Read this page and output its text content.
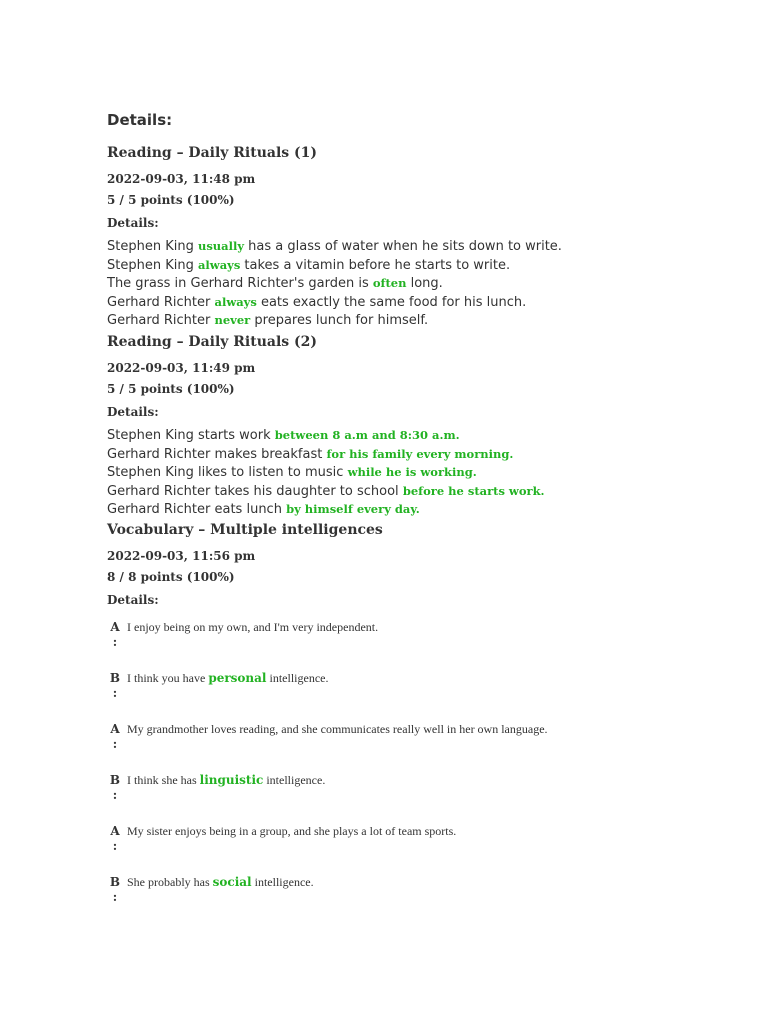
Details:
Reading – Daily Rituals (1)
2022-09-03, 11:48 pm
5 / 5 points (100%)
Details:
Stephen King usually has a glass of water when he sits down to write.
Stephen King always takes a vitamin before he starts to write.
The grass in Gerhard Richter's garden is often long.
Gerhard Richter always eats exactly the same food for his lunch.
Gerhard Richter never prepares lunch for himself.
Reading – Daily Rituals (2)
2022-09-03, 11:49 pm
5 / 5 points (100%)
Details:
Stephen King starts work between 8 a.m and 8:30 a.m.
Gerhard Richter makes breakfast for his family every morning.
Stephen King likes to listen to music while he is working.
Gerhard Richter takes his daughter to school before he starts work.
Gerhard Richter eats lunch by himself every day.
Vocabulary – Multiple intelligences
2022-09-03, 11:56 pm
8 / 8 points (100%)
Details:
A
:
I enjoy being on my own, and I'm very independent.
B
:
I think you have personal intelligence.
A
:
My grandmother loves reading, and she communicates really well in her own language.
B
:
I think she has linguistic intelligence.
A
:
My sister enjoys being in a group, and she plays a lot of team sports.
B
:
She probably has social intelligence.
